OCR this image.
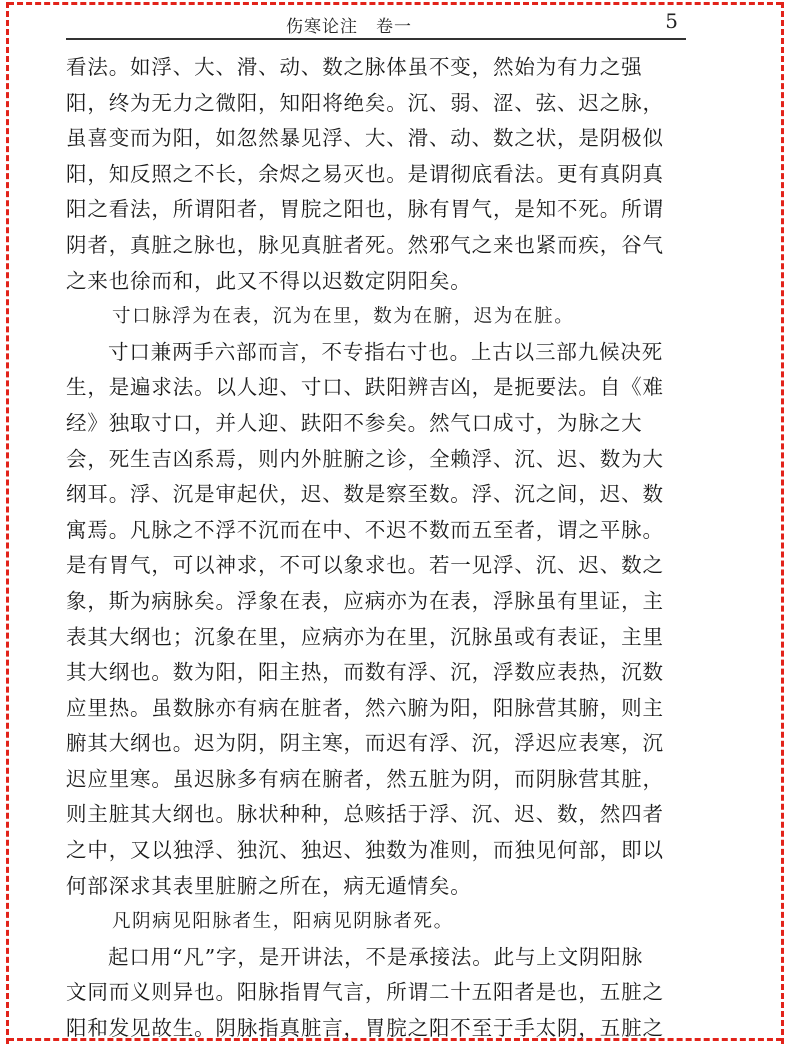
伤寒论注　卷一	5
看法。如浮、大、滑、动、数之脉体虽不变，然始为有力之强
阳，终为无力之微阳，知阳将绝矣。沉、弱、涩、弦、迟之脉，
虽喜变而为阳，如忽然暴见浮、大、滑、动、数之状，是阴极似
阳，知反照之不长，余烬之易灭也。是谓彻底看法。更有真阴真
阳之看法，所谓阳者，胃脘之阳也，脉有胃气，是知不死。所谓
阴者，真脏之脉也，脉见真脏者死。然邪气之来也紧而疾，谷气
之来也徐而和，此又不得以迟数定阴阳矣。
寸口脉浮为在表，沉为在里，数为在腑，迟为在脏。
寸口兼两手六部而言，不专指右寸也。上古以三部九候决死
生，是遍求法。以人迎、寸口、趺阳辨吉凶，是扼要法。自《难
经》独取寸口，并人迎、趺阳不参矣。然气口成寸，为脉之大
会，死生吉凶系焉，则内外脏腑之诊，全赖浮、沉、迟、数为大
纲耳。浮、沉是审起伏，迟、数是察至数。浮、沉之间，迟、数
寓焉。凡脉之不浮不沉而在中、不迟不数而五至者，谓之平脉。
是有胃气，可以神求，不可以象求也。若一见浮、沉、迟、数之
象，斯为病脉矣。浮象在表，应病亦为在表，浮脉虽有里证，主
表其大纲也；沉象在里，应病亦为在里，沉脉虽或有表证，主里
其大纲也。数为阳，阳主热，而数有浮、沉，浮数应表热，沉数
应里热。虽数脉亦有病在脏者，然六腑为阳，阳脉营其腑，则主
腑其大纲也。迟为阴，阴主寒，而迟有浮、沉，浮迟应表寒，沉
迟应里寒。虽迟脉多有病在腑者，然五脏为阴，而阴脉营其脏，
则主脏其大纲也。脉状种种，总赅括于浮、沉、迟、数，然四者
之中，又以独浮、独沉、独迟、独数为准则，而独见何部，即以
何部深求其表里脏腑之所在，病无遁情矣。
凡阴病见阳脉者生，阳病见阴脉者死。
起口用“凡”字，是开讲法，不是承接法。此与上文阴阳脉
文同而义则异也。阳脉指胃气言，所谓二十五阳者是也，五脏之
阳和发见故生。阴脉指真脏言，胃脘之阳不至于手太阴，五脏之
